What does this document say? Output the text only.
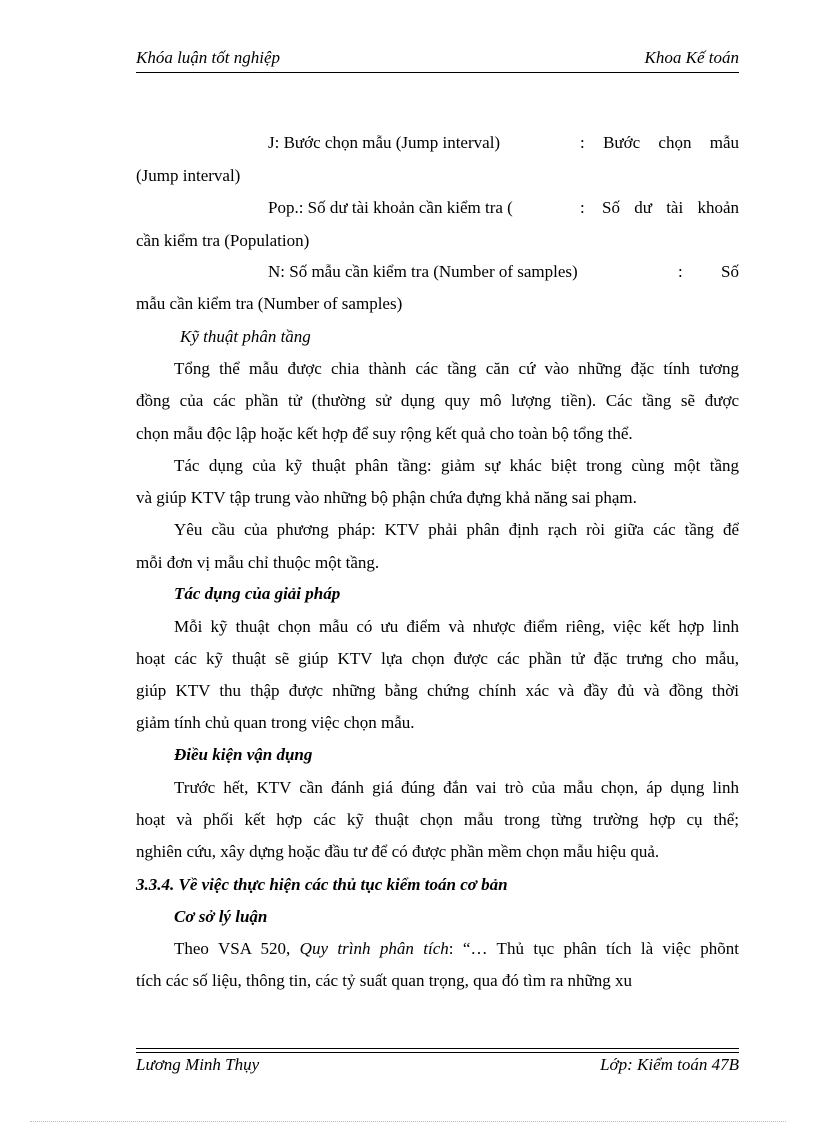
Khóa luận tốt nghiệp	Khoa Kế toán
J: Bước chọn mẫu (Jump interval)	: Bước chọn mẫu
(Jump interval)
Pop.: Số dư tài khoản cần kiểm tra (	: Số dư tài khoản
cần kiểm tra (Population)
N: Số mẫu cần kiểm tra (Number of samples)	: Số
mẫu cần kiểm tra (Number of samples)
Kỹ thuật phân tầng
Tổng thể mẫu được chia thành các tầng căn cứ vào những đặc tính tương
đồng của các phần tử (thường sử dụng quy mô lượng tiền). Các tầng sẽ được
chọn mẫu độc lập hoặc kết hợp để suy rộng kết quả cho toàn bộ tổng thể.
Tác dụng của kỹ thuật phân tầng: giảm sự khác biệt trong cùng một tầng
và giúp KTV tập trung vào những bộ phận chứa đựng khả năng sai phạm.
Yêu cầu của phương pháp: KTV phải phân định rạch ròi giữa các tầng để
mỗi đơn vị mẫu chỉ thuộc một tầng.
Tác dụng của giải pháp
Mỗi kỹ thuật chọn mẫu có ưu điểm và nhược điểm riêng, việc kết hợp linh
hoạt các kỹ thuật sẽ giúp KTV lựa chọn được các phần tử đặc trưng cho mẫu,
giúp KTV thu thập được những bằng chứng chính xác và đầy đủ và đồng thời
giảm tính chủ quan trong việc chọn mẫu.
Điều kiện vận dụng
Trước hết, KTV cần đánh giá đúng đắn vai trò của mẫu chọn, áp dụng linh
hoạt và phối kết hợp các kỹ thuật chọn mẫu trong từng trường hợp cụ thể;
nghiên cứu, xây dựng hoặc đầu tư để có được phần mềm chọn mẫu hiệu quả.
3.3.4. Về việc thực hiện các thủ tục kiểm toán cơ bản
Cơ sở lý luận
Theo VSA 520, Quy trình phân tích: “… Thủ tục phân tích là việc phõnt
tích các số liệu, thông tin, các tỷ suất quan trọng, qua đó tìm ra những xu
Lương Minh Thụy	Lớp: Kiểm toán 47B
